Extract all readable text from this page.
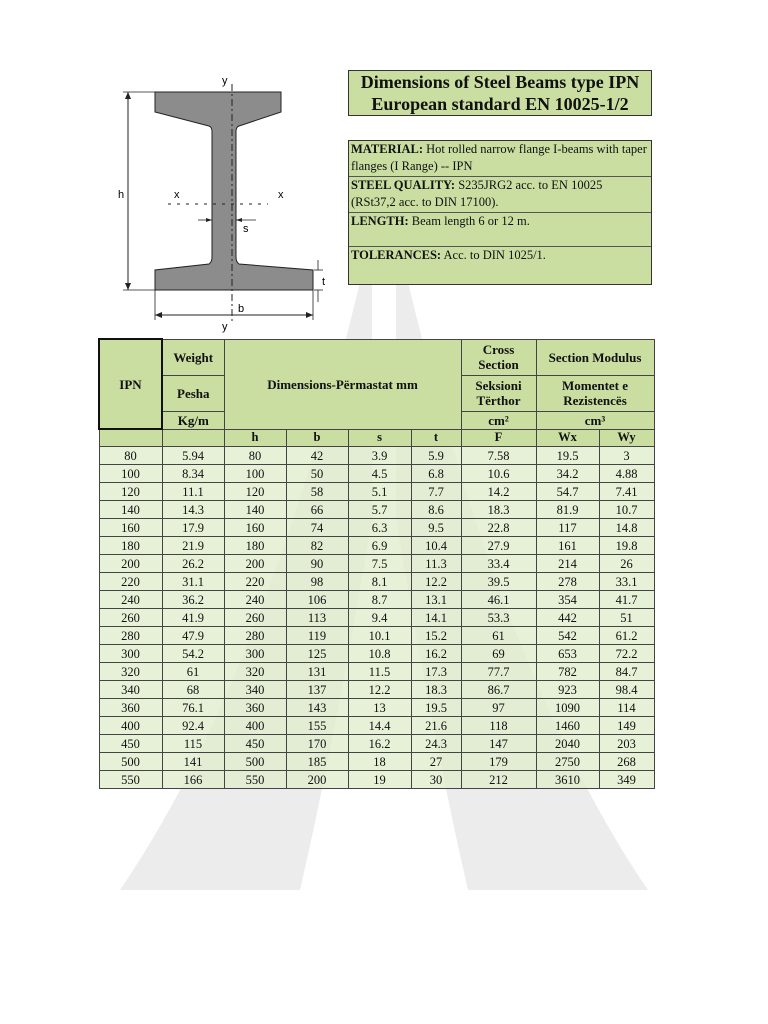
y
h	x	x
s
t
b
y
Dimensions of Steel Beams type IPN
European standard EN 10025-1/2
MATERIAL: Hot rolled narrow flange I-beams with taper flanges (I Range) -- IPN
STEEL QUALITY: S235JRG2 acc. to EN 10025 (RSt37,2 acc. to DIN 17100).
LENGTH: Beam length 6 or 12 m.
TOLERANCES: Acc. to DIN 1025/1.
IPN	Weight	Dimensions-Përmastat mm				Cross Section	Section Modulus	
	Pesha					Seksioni Tërthor	Momentet e Rezistencës	
	Kg/m					cm²	cm³	
		h	b	s	t	F	Wx	Wy
80	5.94	80	42	3.9	5.9	7.58	19.5	3
100	8.34	100	50	4.5	6.8	10.6	34.2	4.88
120	11.1	120	58	5.1	7.7	14.2	54.7	7.41
140	14.3	140	66	5.7	8.6	18.3	81.9	10.7
160	17.9	160	74	6.3	9.5	22.8	117	14.8
180	21.9	180	82	6.9	10.4	27.9	161	19.8
200	26.2	200	90	7.5	11.3	33.4	214	26
220	31.1	220	98	8.1	12.2	39.5	278	33.1
240	36.2	240	106	8.7	13.1	46.1	354	41.7
260	41.9	260	113	9.4	14.1	53.3	442	51
280	47.9	280	119	10.1	15.2	61	542	61.2
300	54.2	300	125	10.8	16.2	69	653	72.2
320	61	320	131	11.5	17.3	77.7	782	84.7
340	68	340	137	12.2	18.3	86.7	923	98.4
360	76.1	360	143	13	19.5	97	1090	114
400	92.4	400	155	14.4	21.6	118	1460	149
450	115	450	170	16.2	24.3	147	2040	203
500	141	500	185	18	27	179	2750	268
550	166	550	200	19	30	212	3610	349
